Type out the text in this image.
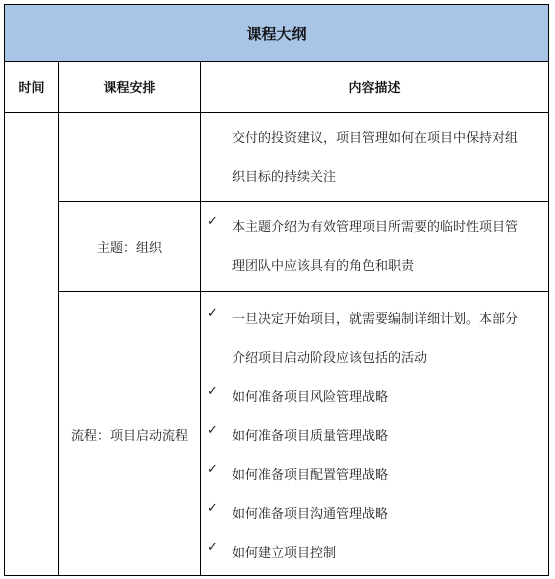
课程大纲
时间	课程安排	内容描述
交付的投资建议，项目管理如何在项目中保持对组
织目标的持续关注
主题：组织
✓ 本主题介绍为有效管理项目所需要的临时性项目管
理团队中应该具有的角色和职责
流程：项目启动流程
✓ 一旦决定开始项目，就需要编制详细计划。本部分
介绍项目启动阶段应该包括的活动
✓ 如何准备项目风险管理战略
✓ 如何准备项目质量管理战略
✓ 如何准备项目配置管理战略
✓ 如何准备项目沟通管理战略
✓ 如何建立项目控制
